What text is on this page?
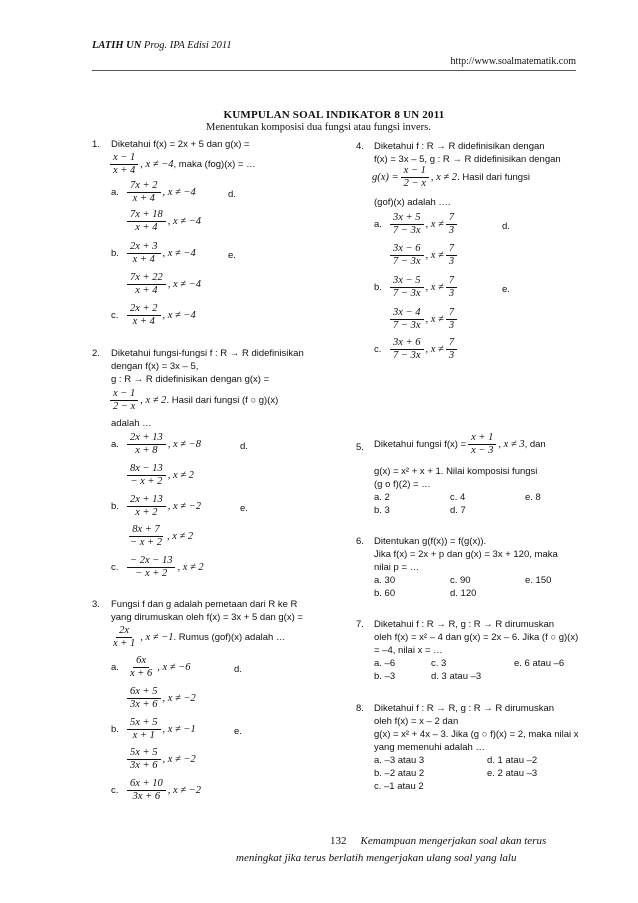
LATIH UN Prog. IPA Edisi 2011
http://www.soalmatematik.com
KUMPULAN SOAL INDIKATOR 8 UN 2011
Menentukan komposisi dua fungsi atau fungsi invers.
1. Diketahui f(x) = 2x + 5 dan g(x) =
$\frac{x - 1}{x + 4}$ , x ≠ −4, maka (fog)(x) = …
a. $\frac{7x + 2}{x + 4}$ , x ≠ −4	d.
$\frac{7x + 18}{x + 4}$ , x ≠ −4
b. $\frac{2x + 3}{x + 4}$ , x ≠ −4	e.
$\frac{7x + 22}{x + 4}$ , x ≠ −4
c. $\frac{2x + 2}{x + 4}$ , x ≠ −4
2. Diketahui fungsi-fungsi f : R → R didefinisikan
dengan f(x) = 3x – 5,
g : R → R didefinisikan dengan g(x) =
$\frac{x - 1}{2 - x}$ , x ≠ 2. Hasil dari fungsi (f ○ g)(x)
adalah …
a. $\frac{2x + 13}{x + 8}$ , x ≠ −8	d.
$\frac{8x - 13}{- x + 2}$ , x ≠ 2
b. $\frac{2x + 13}{x + 2}$ , x ≠ −2	e.
$\frac{8x + 7}{- x + 2}$ , x ≠ 2
c. $\frac{- 2x - 13}{- x + 2}$ , x ≠ 2
3. Fungsi f dan g adalah pemetaan dari R ke R
yang dirumuskan oleh f(x) = 3x + 5 dan g(x) =
$\frac{2x}{x + 1}$ , x ≠ −1. Rumus (gof)(x) adalah …
a. $\frac{6x}{x + 6}$ , x ≠ −6	d.
$\frac{6x + 5}{3x + 6}$ , x ≠ −2
b. $\frac{5x + 5}{x + 1}$ , x ≠ −1	e.
$\frac{5x + 5}{3x + 6}$ , x ≠ −2
c. $\frac{6x + 10}{3x + 6}$ , x ≠ −2
4. Diketahui f : R → R didefinisikan dengan
f(x) = 3x – 5, g : R → R didefinisikan dengan
$g(x) = \frac{x - 1}{2 - x}$ , x ≠ 2. Hasil dari fungsi
(gof)(x) adalah ….
a. $\frac{3x + 5}{7 - 3x}$ , $x \ne \frac{7}{3}$	d.
$\frac{3x - 6}{7 - 3x}$ , $x \ne \frac{7}{3}$
b. $\frac{3x - 5}{7 - 3x}$ , $x \ne \frac{7}{3}$	e.
$\frac{3x - 4}{7 - 3x}$ , $x \ne \frac{7}{3}$
c. $\frac{3x + 6}{7 - 3x}$ , $x \ne \frac{7}{3}$
5. Diketahui fungsi $f(x) = \frac{x + 1}{x - 3}$ , x ≠ 3, dan
g(x) = x² + x + 1. Nilai komposisi fungsi
(g o f)(2) = …
a. 2	c. 4	e. 8
b. 3	d. 7
6. Ditentukan g(f(x)) = f(g(x)).
Jika f(x) = 2x + p dan g(x) = 3x + 120, maka
nilai p = …
a. 30	c. 90	e. 150
b. 60	d. 120
7. Diketahui f : R → R, g : R → R dirumuskan
oleh f(x) = x² – 4 dan g(x) = 2x – 6. Jika (f ○ g)(x)
= –4, nilai x = …
a. –6	c. 3	e. 6 atau –6
b. –3	d. 3 atau –3
8. Diketahui f : R → R, g : R → R dirumuskan
oleh f(x) = x – 2 dan
g(x) = x² + 4x – 3. Jika (g ○ f)(x) = 2, maka nilai x
yang memenuhi adalah …
a. –3 atau 3	d. 1 atau –2
b. –2 atau 2	e. 2 atau –3
c. –1 atau 2
132 Kemampuan mengerjakan soal akan terus
meningkat jika terus berlatih mengerjakan ulang soal yang lalu
